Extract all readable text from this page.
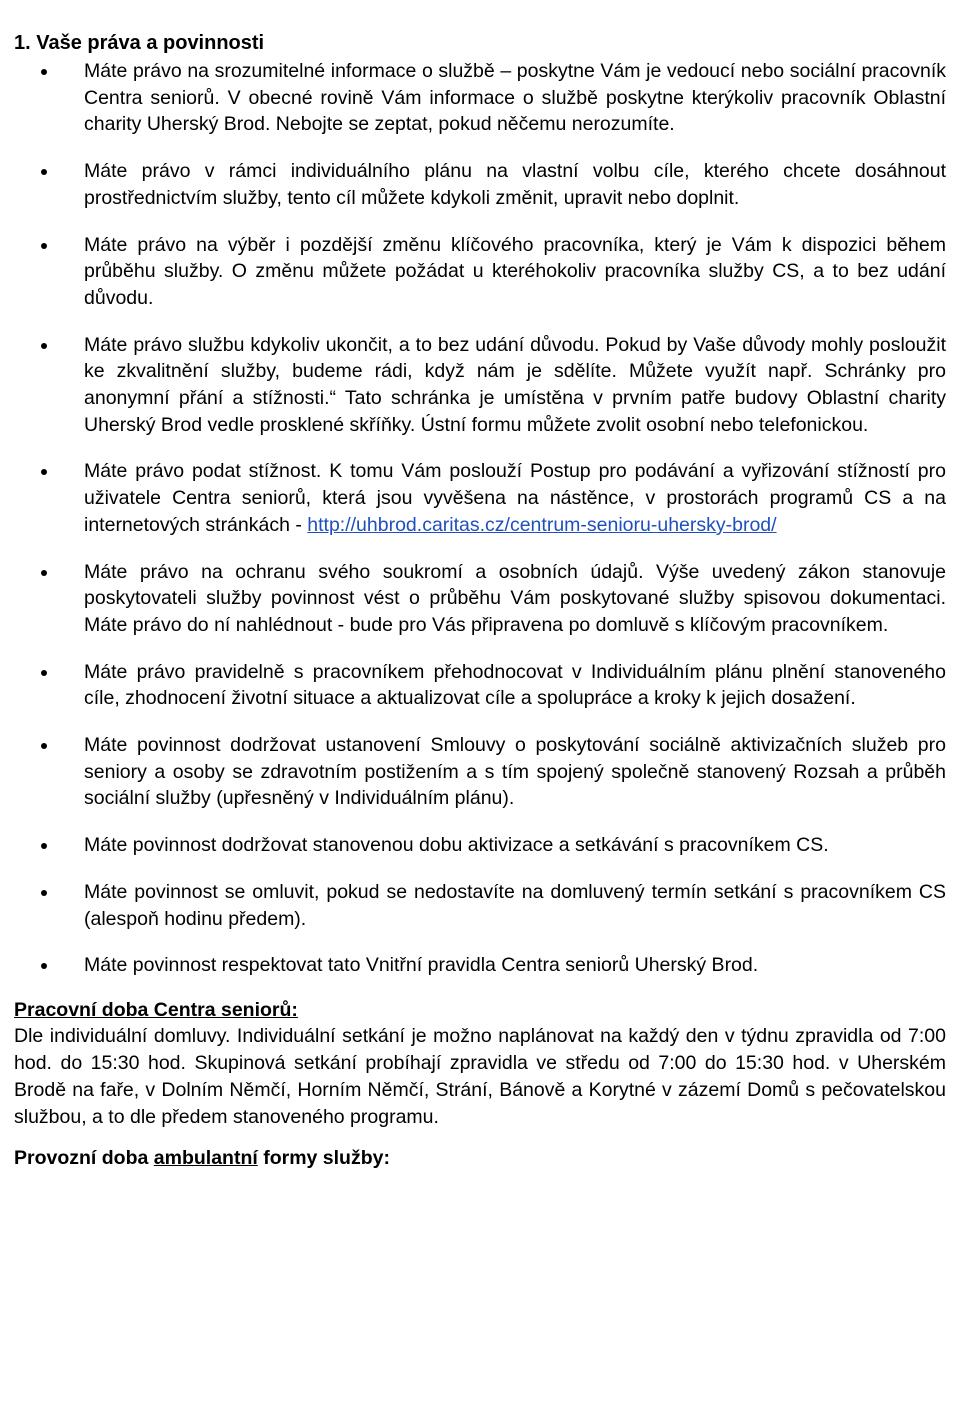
1. Vaše práva a povinnosti
Máte právo na srozumitelné informace o službě – poskytne Vám je vedoucí nebo sociální pracovník Centra seniorů. V obecné rovině Vám informace o službě poskytne kterýkoliv pracovník Oblastní charity Uherský Brod. Nebojte se zeptat, pokud něčemu nerozumíte.
Máte právo v rámci individuálního plánu na vlastní volbu cíle, kterého chcete dosáhnout prostřednictvím služby, tento cíl můžete kdykoli změnit, upravit nebo doplnit.
Máte právo na výběr i pozdější změnu klíčového pracovníka, který je Vám k dispozici během průběhu služby. O změnu můžete požádat u kteréhokoliv pracovníka služby CS, a to bez udání důvodu.
Máte právo službu kdykoliv ukončit, a to bez udání důvodu. Pokud by Vaše důvody mohly posloužit ke zkvalitnění služby, budeme rádi, když nám je sdělíte. Můžete využít např. Schránky pro anonymní přání a stížnosti.“ Tato schránka je umístěna v prvním patře budovy Oblastní charity Uherský Brod vedle prosklené skříňky. Ústní formu můžete zvolit osobní nebo telefonickou.
Máte právo podat stížnost. K tomu Vám poslouží Postup pro podávání a vyřizování stížností pro uživatele Centra seniorů, která jsou vyvěšena na nástěnce, v prostorách programů CS a na internetových stránkách - http://uhbrod.caritas.cz/centrum-senioru-uhersky-brod/
Máte právo na ochranu svého soukromí a osobních údajů. Výše uvedený zákon stanovuje poskytovateli služby povinnost vést o průběhu Vám poskytované služby spisovou dokumentaci. Máte právo do ní nahlédnout - bude pro Vás připravena po domluvě s klíčovým pracovníkem.
Máte právo pravidelně s pracovníkem přehodnocovat v Individuálním plánu plnění stanoveného cíle, zhodnocení životní situace a aktualizovat cíle a spolupráce a kroky k jejich dosažení.
Máte povinnost dodržovat ustanovení Smlouvy o poskytování sociálně aktivizačních služeb pro seniory a osoby se zdravotním postižením a s tím spojený společně stanovený Rozsah a průběh sociální služby (upřesněný v Individuálním plánu).
Máte povinnost dodržovat stanovenou dobu aktivizace a setkávání s pracovníkem CS.
Máte povinnost se omluvit, pokud se nedostavíte na domluvený termín setkání s pracovníkem CS (alespoň hodinu předem).
Máte povinnost respektovat tato Vnitřní pravidla Centra seniorů Uherský Brod.
Pracovní doba Centra seniorů:

Dle individuální domluvy. Individuální setkání je možno naplánovat na každý den v týdnu zpravidla od 7:00 hod. do 15:30 hod. Skupinová setkání probíhají zpravidla ve středu od 7:00 do 15:30 hod. v Uherském Brodě na faře, v Dolním Němčí, Horním Němčí, Strání, Bánově a Korytné v zázemí Domů s pečovatelskou službou, a to dle předem stanoveného programu.

Provozní doba ambulantní formy služby:
